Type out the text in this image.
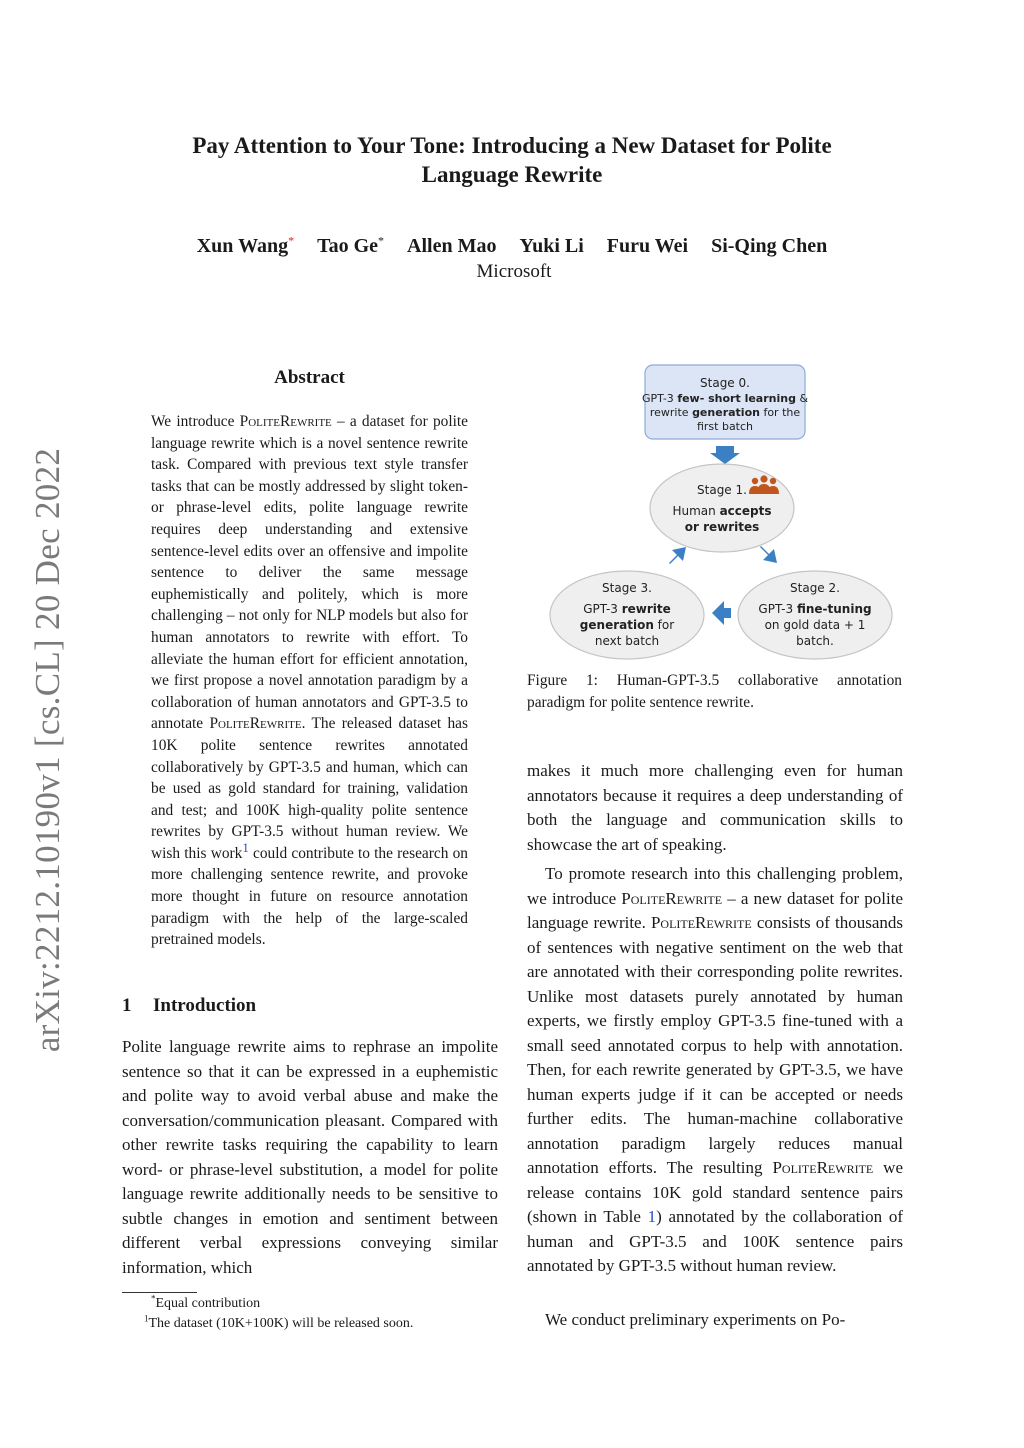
arXiv:2212.10190v1 [cs.CL] 20 Dec 2022
Pay Attention to Your Tone: Introducing a New Dataset for Polite Language Rewrite
Xun Wang* Tao Ge* Allen Mao Yuki Li Furu Wei Si-Qing Chen
Microsoft
Abstract

We introduce PoliteRewrite – a dataset for polite language rewrite which is a novel sentence rewrite task. Compared with previous text style transfer tasks that can be mostly addressed by slight token- or phrase-level edits, polite language rewrite requires deep understanding and extensive sentence-level edits over an offensive and impolite sentence to deliver the same message euphemistically and politely, which is more challenging – not only for NLP models but also for human annotators to rewrite with effort. To alleviate the human effort for efficient annotation, we first propose a novel annotation paradigm by a collaboration of human annotators and GPT-3.5 to annotate PoliteRewrite. The released dataset has 10K polite sentence rewrites annotated collaboratively by GPT-3.5 and human, which can be used as gold standard for training, validation and test; and 100K high-quality polite sentence rewrites by GPT-3.5 without human review. We wish this work$^1$ could contribute to the research on more challenging sentence rewrite, and provoke more thought in future on resource annotation paradigm with the help of the large-scaled pretrained models.

1 Introduction

Polite language rewrite aims to rephrase an impolite sentence so that it can be expressed in a euphemistic and polite way to avoid verbal abuse and make the conversation/communication pleasant. Compared with other rewrite tasks requiring the capability to learn word- or phrase-level substitution, a model for polite language rewrite additionally needs to be sensitive to subtle changes in emotion and sentiment between different verbal expressions conveying similar information, which

*Equal contribution

$^1$The dataset (10K+100K) will be released soon.

Stage 0.
GPT-3 few- short learning &
rewrite generation for the
first batch
Stage 1.
Human accepts
or rewrites
Stage 3.
GPT-3 rewrite
generation for
next batch
Stage 2.
GPT-3 fine-tuning
on gold data + 1
batch.

Figure 1: Human-GPT-3.5 collaborative annotation paradigm for polite sentence rewrite.

makes it much more challenging even for human annotators because it requires a deep understanding of both the language and communication skills to showcase the art of speaking.

To promote research into this challenging problem, we introduce PoliteRewrite – a new dataset for polite language rewrite. PoliteRewrite consists of thousands of sentences with negative sentiment on the web that are annotated with their corresponding polite rewrites. Unlike most datasets purely annotated by human experts, we firstly employ GPT-3.5 fine-tuned with a small seed annotated corpus to help with annotation. Then, for each rewrite generated by GPT-3.5, we have human experts judge if it can be accepted or needs further edits. The human-machine collaborative annotation paradigm largely reduces manual annotation efforts. The resulting PoliteRewrite we release contains 10K gold standard sentence pairs (shown in Table 1) annotated by the collaboration of human and GPT-3.5 and 100K sentence pairs annotated by GPT-3.5 without human review.

We conduct preliminary experiments on Po-
